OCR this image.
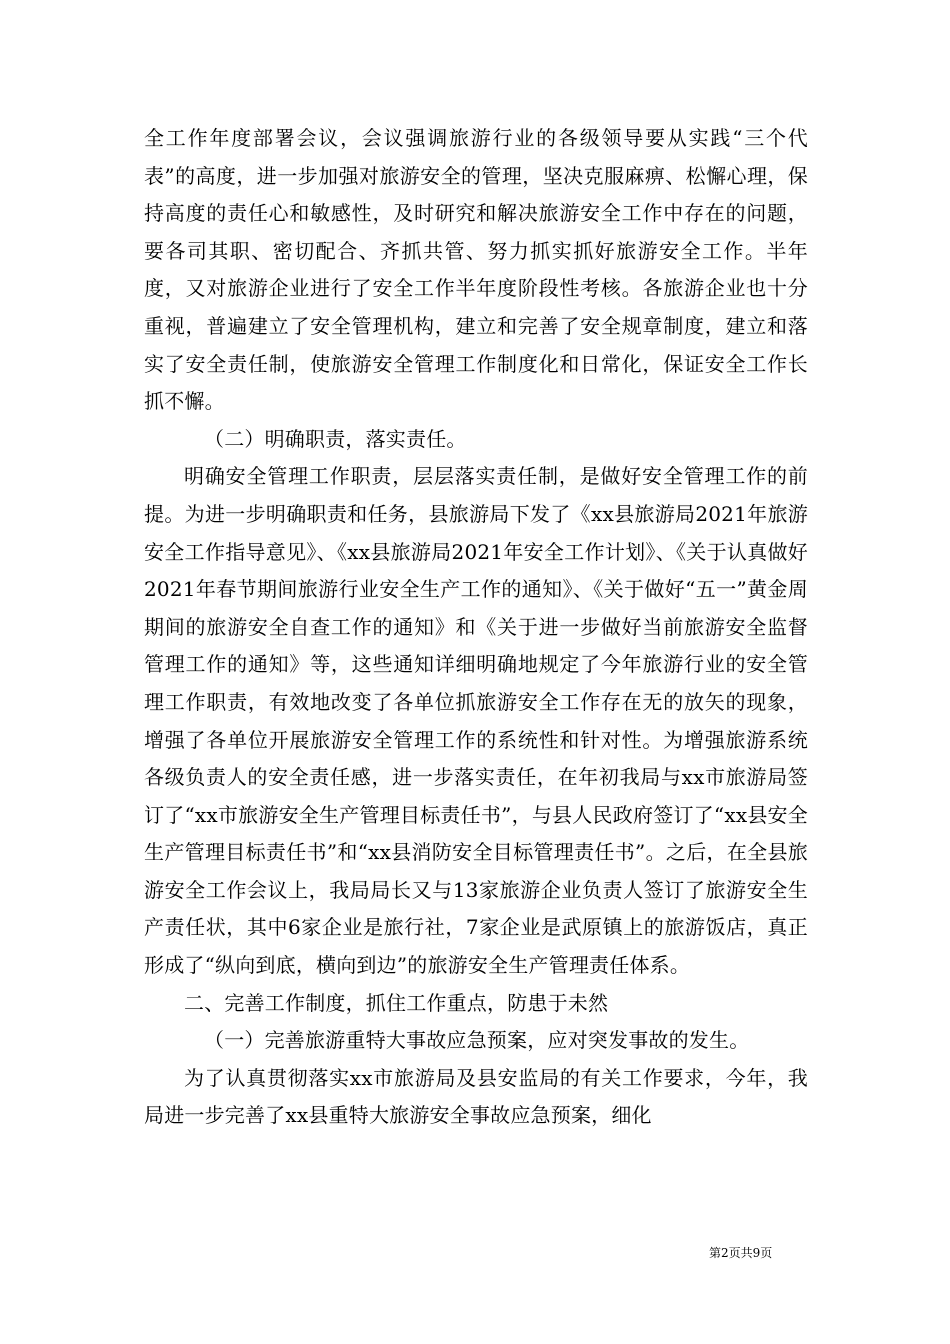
全工作年度部署会议，会议强调旅游行业的各级领导要从实践“三个代表”的高度，进一步加强对旅游安全的管理，坚决克服麻痹、松懈心理，保持高度的责任心和敏感性，及时研究和解决旅游安全工作中存在的问题，要各司其职、密切配合、齐抓共管、努力抓实抓好旅游安全工作。半年度，又对旅游企业进行了安全工作半年度阶段性考核。各旅游企业也十分重视，普遍建立了安全管理机构，建立和完善了安全规章制度，建立和落实了安全责任制，使旅游安全管理工作制度化和日常化，保证安全工作长抓不懈。

（二）明确职责，落实责任。

明确安全管理工作职责，层层落实责任制，是做好安全管理工作的前提。为进一步明确职责和任务，县旅游局下发了《xx县旅游局2021年旅游安全工作指导意见》、《xx县旅游局2021年安全工作计划》、《关于认真做好2021年春节期间旅游行业安全生产工作的通知》、《关于做好“五一”黄金周期间的旅游安全自查工作的通知》和《关于进一步做好当前旅游安全监督管理工作的通知》等，这些通知详细明确地规定了今年旅游行业的安全管理工作职责，有效地改变了各单位抓旅游安全工作存在无的放矢的现象，增强了各单位开展旅游安全管理工作的系统性和针对性。为增强旅游系统各级负责人的安全责任感，进一步落实责任，在年初我局与xx市旅游局签订了“xx市旅游安全生产管理目标责任书”，与县人民政府签订了“xx县安全生产管理目标责任书”和“xx县消防安全目标管理责任书”。之后，在全县旅游安全工作会议上，我局局长又与13家旅游企业负责人签订了旅游安全生产责任状，其中6家企业是旅行社，7家企业是武原镇上的旅游饭店，真正形成了“纵向到底，横向到边”的旅游安全生产管理责任体系。

二、完善工作制度，抓住工作重点，防患于未然

（一）完善旅游重特大事故应急预案，应对突发事故的发生。

为了认真贯彻落实xx市旅游局及县安监局的有关工作要求，今年，我局进一步完善了xx县重特大旅游安全事故应急预案，细化

第2页共9页
